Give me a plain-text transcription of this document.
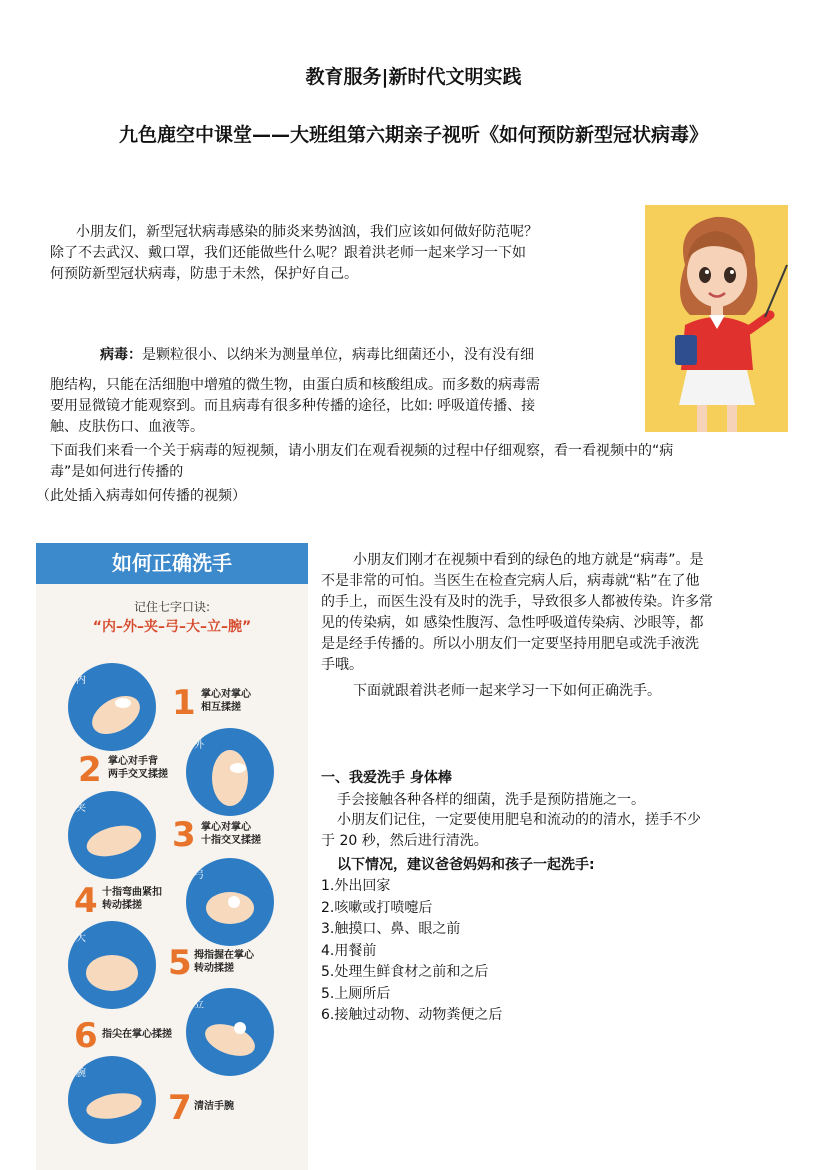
教育服务|新时代文明实践
九色鹿空中课堂——大班组第六期亲子视听《如何预防新型冠状病毒》
小朋友们，新型冠状病毒感染的肺炎来势汹汹，我们应该如何做好防范呢？
除了不去武汉、戴口罩，我们还能做些什么呢？跟着洪老师一起来学习一下如
何预防新型冠状病毒，防患于未然，保护好自己。
病毒：是颗粒很小、以纳米为测量单位，病毒比细菌还小，没有没有细
胞结构，只能在活细胞中增殖的微生物，由蛋白质和核酸组成。而多数的病毒需
要用显微镜才能观察到。而且病毒有很多种传播的途径，比如: 呼吸道传播、接
触、皮肤伤口、血液等。
下面我们来看一个关于病毒的短视频，请小朋友们在观看视频的过程中仔细观察，看一看视频中的“病
毒”是如何进行传播的
（此处插入病毒如何传播的视频）
如何正确洗手
记住七字口诀:
“内–外–夹–弓–大–立–腕”
内
1 掌心对掌心
相互揉搓
外
2 掌心对手背
两手交叉揉搓
夹
3 掌心对掌心
十指交叉揉搓
弓
4 十指弯曲紧扣
转动揉搓
大
5 拇指握在掌心
转动揉搓
立
6 指尖在掌心揉搓
腕
7 清洁手腕
小朋友们刚才在视频中看到的绿色的地方就是“病毒”。是
不是非常的可怕。当医生在检查完病人后，病毒就“粘”在了他
的手上，而医生没有及时的洗手，导致很多人都被传染。许多常
见的传染病，如 感染性腹泻、急性呼吸道传染病、沙眼等，都
是是经手传播的。所以小朋友们一定要坚持用肥皂或洗手液洗
手哦。
下面就跟着洪老师一起来学习一下如何正确洗手。
一、我爱洗手 身体棒
手会接触各种各样的细菌，洗手是预防措施之一。
小朋友们记住，一定要使用肥皂和流动的的清水，搓手不少
于 20 秒，然后进行清洗。
以下情况，建议爸爸妈妈和孩子一起洗手:
1.外出回家
2.咳嗽或打喷嚏后
3.触摸口、鼻、眼之前
4.用餐前
5.处理生鲜食材之前和之后
5.上厕所后
6.接触过动物、动物粪便之后
